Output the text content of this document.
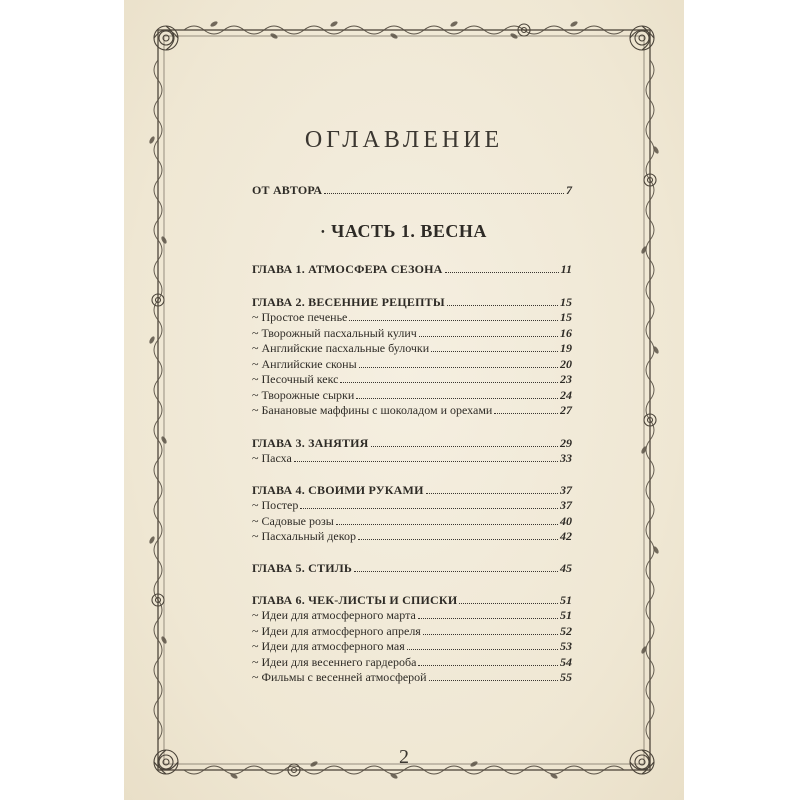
ОГЛАВЛЕНИЕ
ОТ АВТОРА	7
• ЧАСТЬ 1. ВЕСНА
ГЛАВА 1. АТМОСФЕРА СЕЗОНА	11
ГЛАВА 2. ВЕСЕННИЕ РЕЦЕПТЫ	15
~ Простое печенье	15
~ Творожный пасхальный кулич	16
~ Английские пасхальные булочки	19
~ Английские сконы	20
~ Песочный кекс	23
~ Творожные сырки	24
~ Банановые маффины с шоколадом и орехами	27
ГЛАВА 3. ЗАНЯТИЯ	29
~ Пасха	33
ГЛАВА 4. СВОИМИ РУКАМИ	37
~ Постер	37
~ Садовые розы	40
~ Пасхальный декор	42
ГЛАВА 5. СТИЛЬ	45
ГЛАВА 6. ЧЕК-ЛИСТЫ И СПИСКИ	51
~ Идеи для атмосферного марта	51
~ Идеи для атмосферного апреля	52
~ Идеи для атмосферного мая	53
~ Идеи для весеннего гардероба	54
~ Фильмы с весенней атмосферой	55
2
